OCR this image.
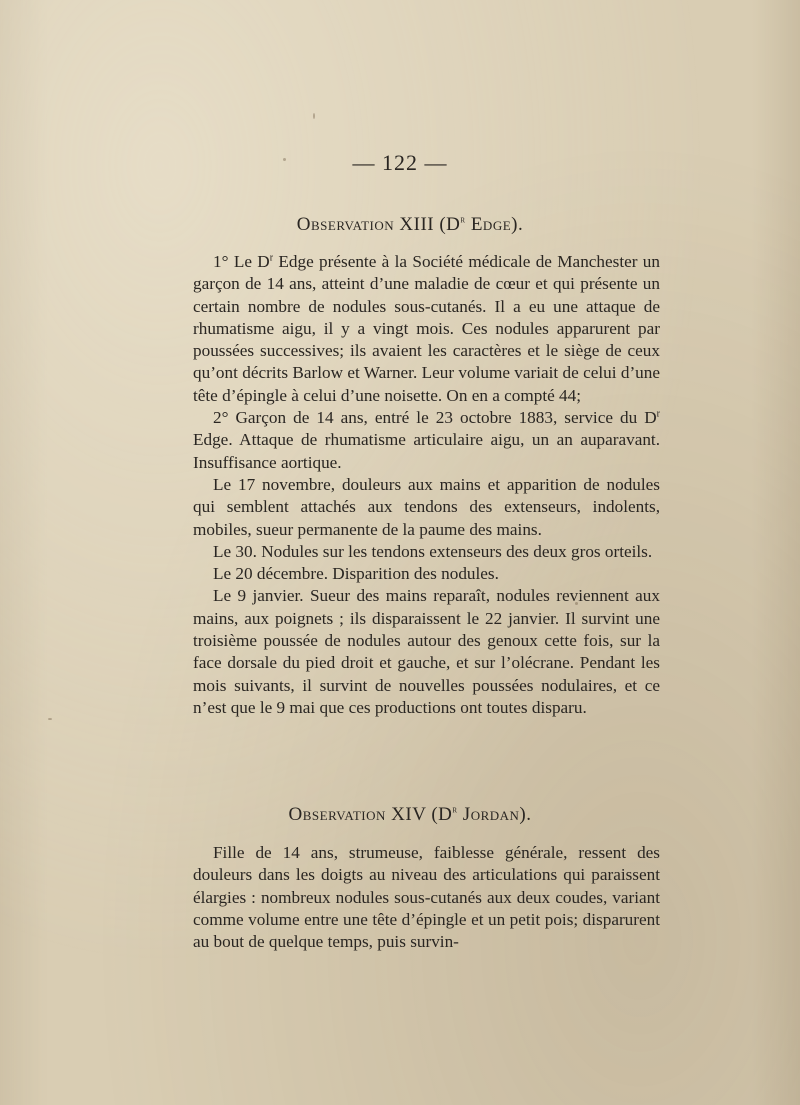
— 122 —
Observation XIII ($D^r$ Edge).

1° Le $D^r$ Edge présente à la Société médicale de Manchester un garçon de 14 ans, atteint d’une maladie de cœur et qui présente un certain nombre de nodules sous-cutanés. Il a eu une attaque de rhumatisme aigu, il y a vingt mois. Ces nodules apparurent par poussées successives; ils avaient les caractères et le siège de ceux qu’ont décrits Barlow et Warner. Leur volume variait de celui d’une tête d’épingle à celui d’une noisette. On en a compté 44;

2° Garçon de 14 ans, entré le 23 octobre 1883, service du $D^r$ Edge. Attaque de rhumatisme articulaire aigu, un an auparavant. Insuffisance aortique.

Le 17 novembre, douleurs aux mains et apparition de nodules qui semblent attachés aux tendons des extenseurs, indolents, mobiles, sueur permanente de la paume des mains.

Le 30. Nodules sur les tendons extenseurs des deux gros orteils.

Le 20 décembre. Disparition des nodules.

Le 9 janvier. Sueur des mains reparaît, nodules reviennent aux mains, aux poignets ; ils disparaissent le 22 janvier. Il survint une troisième poussée de nodules autour des genoux cette fois, sur la face dorsale du pied droit et gauche, et sur l’olécrane. Pendant les mois suivants, il survint de nouvelles poussées nodulaires, et ce n’est que le 9 mai que ces productions ont toutes disparu.

Observation XIV ($D^r$ Jordan).

Fille de 14 ans, strumeuse, faiblesse générale, ressent des douleurs dans les doigts au niveau des articulations qui paraissent élargies : nombreux nodules sous-cutanés aux deux coudes, variant comme volume entre une tête d’épingle et un petit pois; disparurent au bout de quelque temps, puis survin-
